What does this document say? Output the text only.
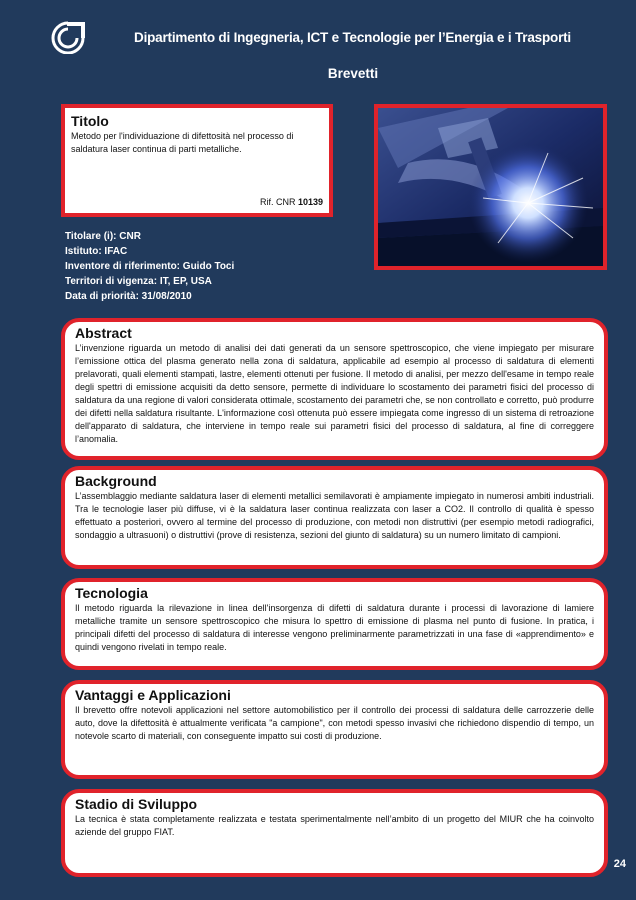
Dipartimento di Ingegneria, ICT e Tecnologie per l’Energia e i Trasporti
Brevetti
Titolo
Metodo per l'individuazione di difettosità nel processo di saldatura laser continua di parti metalliche.
Rif. CNR 10139
Titolare (i): CNR
Istituto: IFAC
Inventore di riferimento: Guido Toci
Territori di vigenza: IT, EP, USA
Data di priorità: 31/08/2010
Abstract

L’invenzione riguarda un metodo di analisi dei dati generati da un sensore spettroscopico, che viene impiegato per misurare l’emissione ottica del plasma generato nella zona di saldatura, applicabile ad esempio al processo di saldatura di elementi prelavorati, quali elementi stampati, lastre, elementi ottenuti per fusione. Il metodo di analisi, per mezzo dell'esame in tempo reale degli spettri di emissione acquisiti da detto sensore, permette di individuare lo scostamento dei parametri fisici del processo di saldatura da una regione di valori considerata ottimale, scostamento dei parametri che, se non controllato e corretto, può produrre dei difetti nella saldatura risultante. L'informazione così ottenuta può essere impiegata come ingresso di un sistema di retroazione dell'apparato di saldatura, che interviene in tempo reale sui parametri fisici del processo di saldatura, al fine di correggere l’anomalia.

Background

L’assemblaggio mediante saldatura laser di elementi metallici semilavorati è ampiamente impiegato in numerosi ambiti industriali. Tra le tecnologie laser più diffuse, vi è la saldatura laser continua realizzata con laser a CO2. Il controllo di qualità è spesso effettuato a posteriori, ovvero al termine del processo di produzione, con metodi non distruttivi (per esempio metodi radiografici, sondaggio a ultrasuoni) o distruttivi (prove di resistenza, sezioni del giunto di saldatura) su un numero limitato di campioni.

Tecnologia

Il metodo riguarda la rilevazione in linea dell'insorgenza di difetti di saldatura durante i processi di lavorazione di lamiere metalliche tramite un sensore spettroscopico che misura lo spettro di emissione di plasma nel punto di fusione. In pratica, i principali difetti del processo di saldatura di interesse vengono preliminarmente parametrizzati in una fase di «apprendimento» e quindi vengono rivelati in tempo reale.

Vantaggi e Applicazioni

Il brevetto offre notevoli applicazioni nel settore automobilistico per il controllo dei processi di saldatura delle carrozzerie delle auto, dove la difettosità è attualmente verificata "a campione", con metodi spesso invasivi che richiedono dispendio di tempo, un notevole scarto di materiali, con conseguente impatto sui costi di produzione.

Stadio di Sviluppo

La tecnica è stata completamente realizzata e testata sperimentalmente nell’ambito di un progetto del MIUR che ha coinvolto aziende del gruppo FIAT.

24
